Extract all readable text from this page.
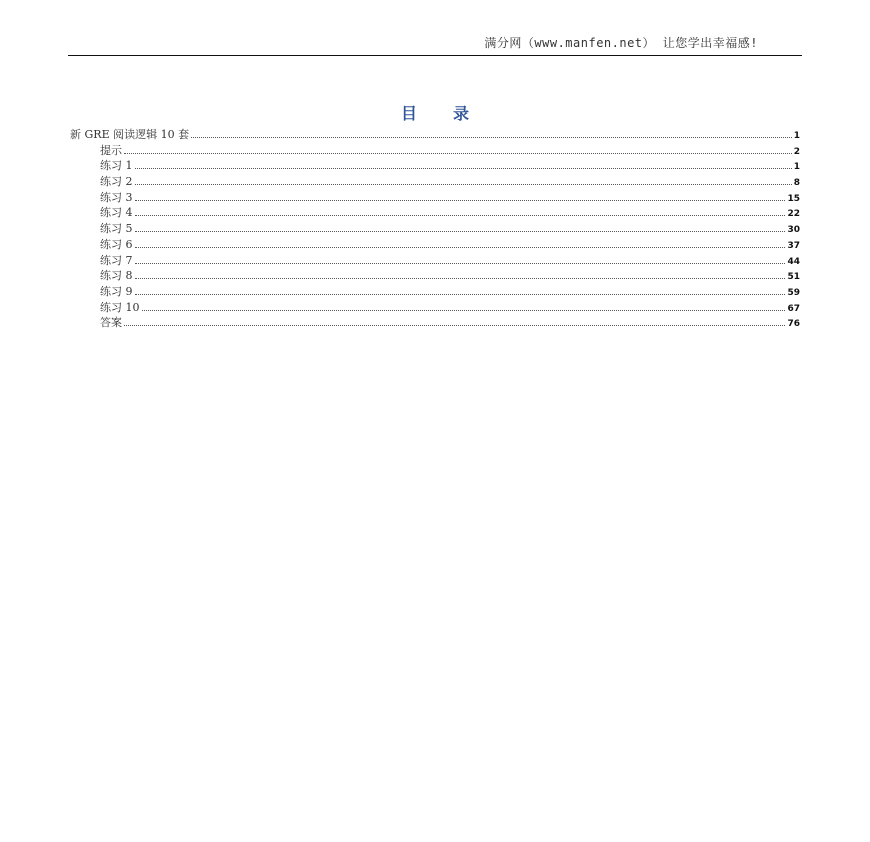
满分网（www.manfen.net） 让您学出幸福感!
目录
新 GRE 阅读逻辑 10 套	1
提示	2
练习 1	1
练习 2	8
练习 3	15
练习 4	22
练习 5	30
练习 6	37
练习 7	44
练习 8	51
练习 9	59
练习 10	67
答案	76
